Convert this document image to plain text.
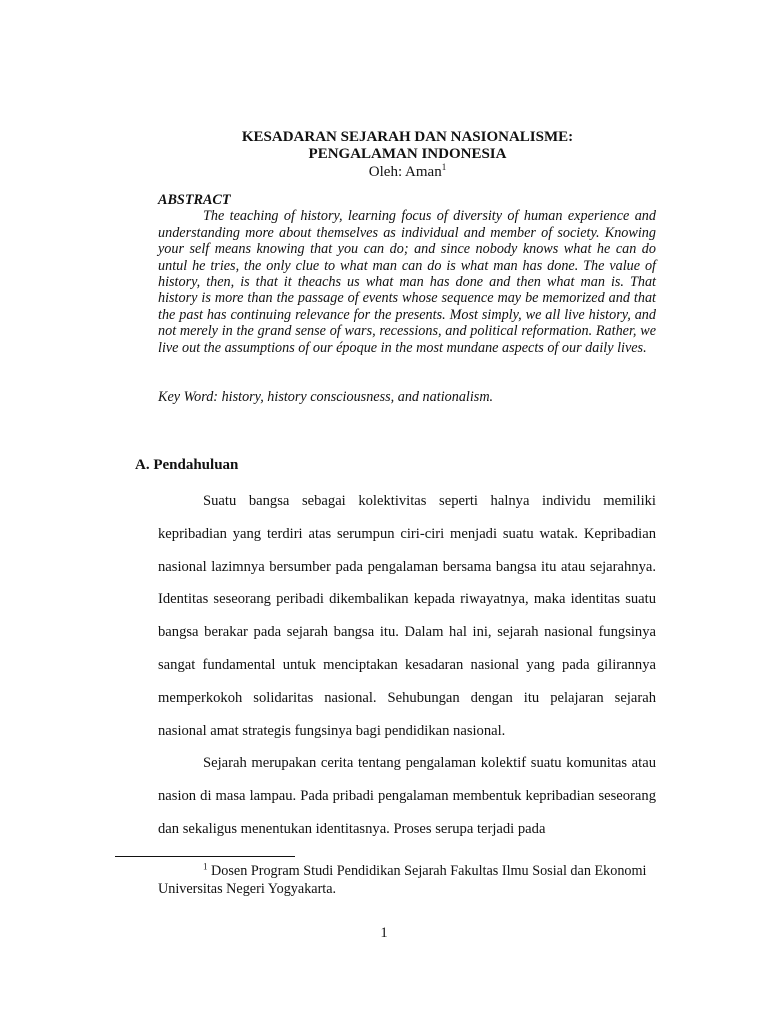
KESADARAN SEJARAH DAN NASIONALISME:
PENGALAMAN INDONESIA
Oleh: Aman$^1$
ABSTRACT
The teaching of history, learning focus of diversity of human experience and understanding more about themselves as individual and member of society. Knowing your self means knowing that you can do; and since nobody knows what he can do untul he tries, the only clue to what man can do is what man has done. The value of history, then, is that it theachs us what man has done and then what man is. That history is more than the passage of events whose sequence may be memorized and that the past has continuing relevance for the presents. Most simply, we all live history, and not merely in the grand sense of wars, recessions, and political reformation. Rather, we live out the assumptions of our époque in the most mundane aspects of our daily lives.
Key Word: history, history consciousness, and nationalism.
A. Pendahuluan

Suatu bangsa sebagai kolektivitas seperti halnya individu memiliki kepribadian yang terdiri atas serumpun ciri-ciri menjadi suatu watak. Kepribadian nasional lazimnya bersumber pada pengalaman bersama bangsa itu atau sejarahnya. Identitas seseorang peribadi dikembalikan kepada riwayatnya, maka identitas suatu bangsa berakar pada sejarah bangsa itu. Dalam hal ini, sejarah nasional fungsinya sangat fundamental untuk menciptakan kesadaran nasional yang pada gilirannya memperkokoh solidaritas nasional. Sehubungan dengan itu pelajaran sejarah nasional amat strategis fungsinya bagi pendidikan nasional.

Sejarah merupakan cerita tentang pengalaman kolektif suatu komunitas atau nasion di masa lampau. Pada pribadi pengalaman membentuk kepribadian seseorang dan sekaligus menentukan identitasnya. Proses serupa terjadi pada

$^1$ Dosen Program Studi Pendidikan Sejarah Fakultas Ilmu Sosial dan Ekonomi Universitas Negeri Yogyakarta.

1
